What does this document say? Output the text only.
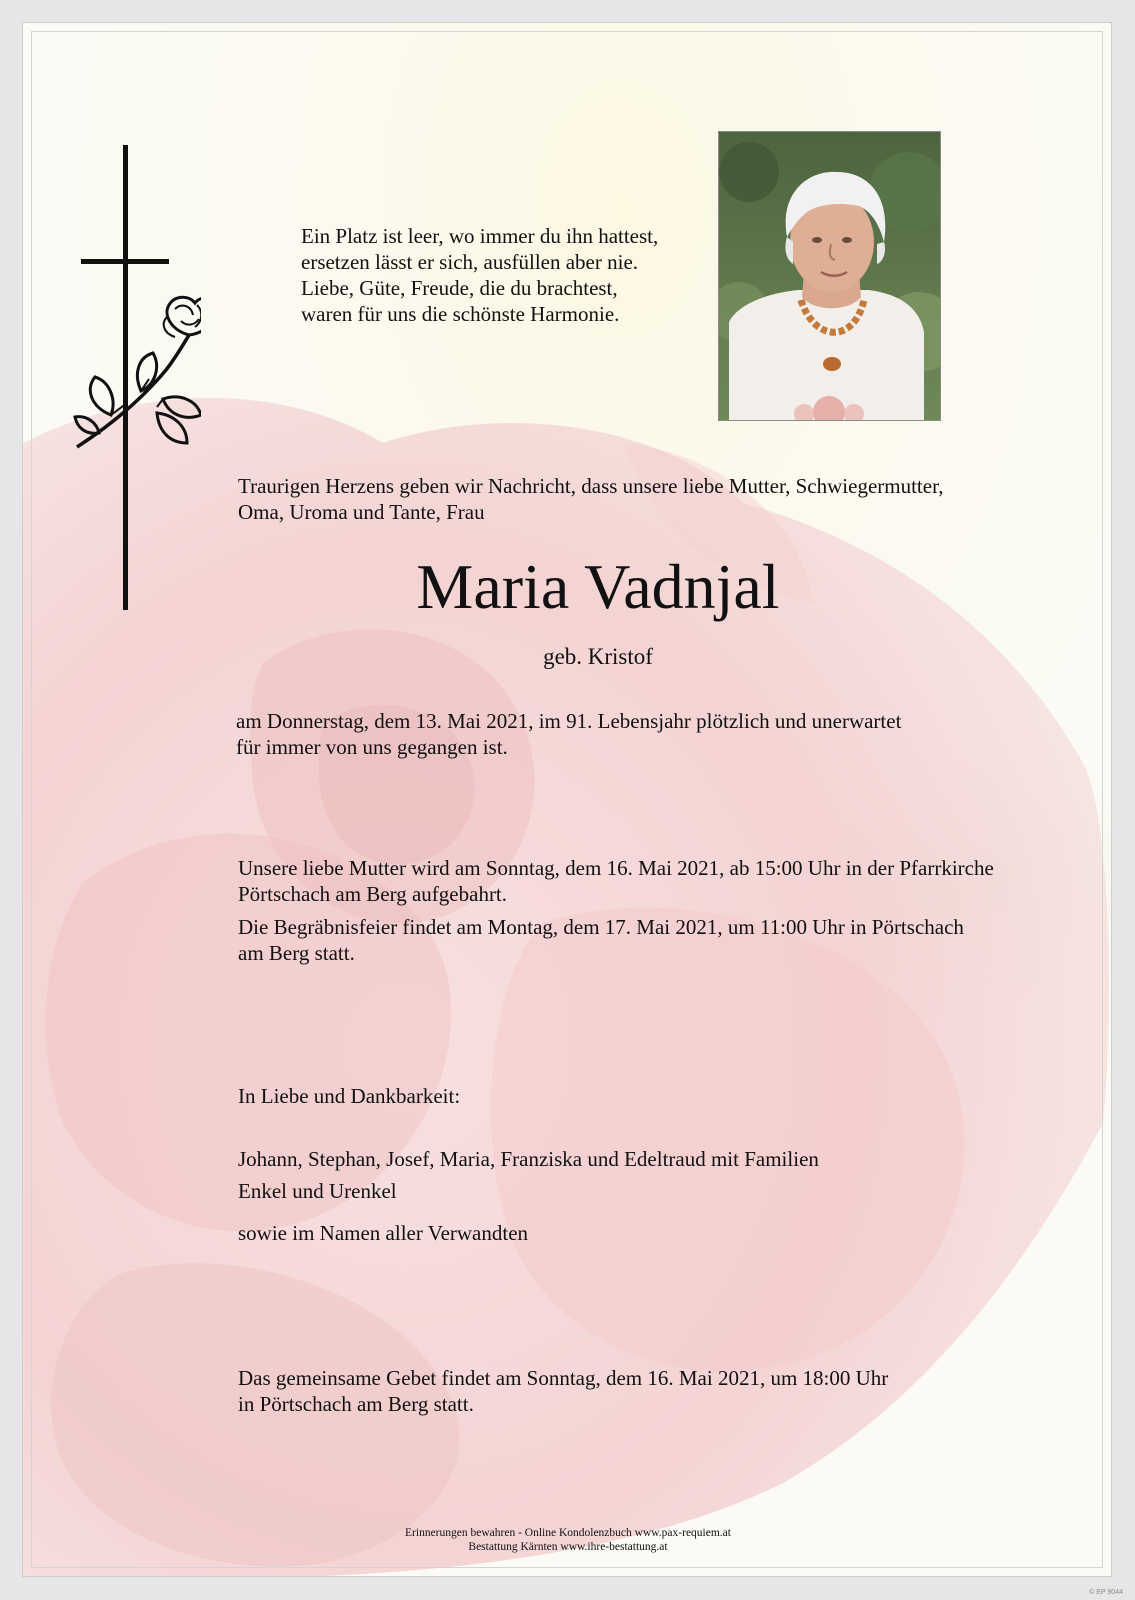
Ein Platz ist leer, wo immer du ihn hattest,
ersetzen lässt er sich, ausfüllen aber nie.
Liebe, Güte, Freude, die du brachtest,
waren für uns die schönste Harmonie.
Traurigen Herzens geben wir Nachricht, dass unsere liebe Mutter, Schwiegermutter,
Oma, Uroma und Tante, Frau
Maria Vadnjal
geb. Kristof
am Donnerstag, dem 13. Mai 2021, im 91. Lebensjahr plötzlich und unerwartet
für immer von uns gegangen ist.
Unsere liebe Mutter wird am Sonntag, dem 16. Mai 2021, ab 15:00 Uhr in der Pfarrkirche
Pörtschach am Berg aufgebahrt.
Die Begräbnisfeier findet am Montag, dem 17. Mai 2021, um 11:00 Uhr in Pörtschach
am Berg statt.
In Liebe und Dankbarkeit:
Johann, Stephan, Josef, Maria, Franziska und Edeltraud mit Familien
Enkel und Urenkel
sowie im Namen aller Verwandten
Das gemeinsame Gebet findet am Sonntag, dem 16. Mai 2021, um 18:00 Uhr
in Pörtschach am Berg statt.
Erinnerungen bewahren - Online Kondolenzbuch www.pax-requiem.at
Bestattung Kärnten www.ihre-bestattung.at
© EP 9044
